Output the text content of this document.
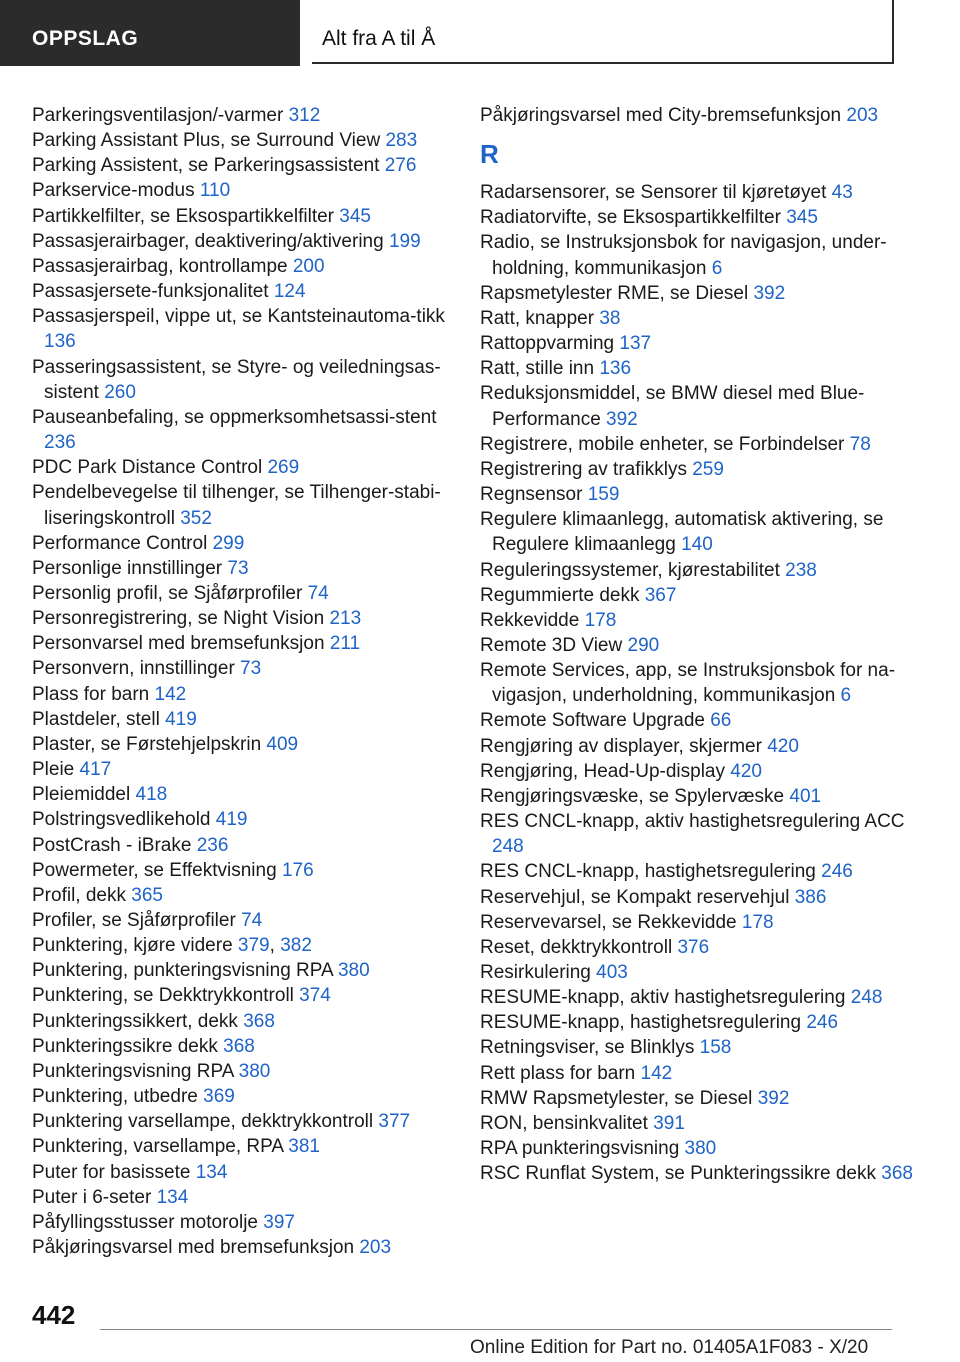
OPPSLAG	Alt fra A til Å
Parkeringsventilasjon/-varmer 312
Parking Assistant Plus, se Surround View 283
Parking Assistent, se Parkeringsassistent 276
Parkservice-modus 110
Partikkelfilter, se Eksospartikkelfilter 345
Passasjerairbager, deaktivering/aktivering 199
Passasjerairbag, kontrollampe 200
Passasjersete-funksjonalitet 124
Passasjerspeil, vippe ut, se Kantsteinautoma-tikk 136
Passeringsassistent, se Styre- og veiledningsas-sistent 260
Pauseanbefaling, se oppmerksomhetsassi-stent 236
PDC Park Distance Control 269
Pendelbevegelse til tilhenger, se Tilhenger-stabi-liseringskontroll 352
Performance Control 299
Personlige innstillinger 73
Personlig profil, se Sjåførprofiler 74
Personregistrering, se Night Vision 213
Personvarsel med bremsefunksjon 211
Personvern, innstillinger 73
Plass for barn 142
Plastdeler, stell 419
Plaster, se Førstehjelpskrin 409
Pleie 417
Pleiemiddel 418
Polstringsvedlikehold 419
PostCrash - iBrake 236
Powermeter, se Effektvisning 176
Profil, dekk 365
Profiler, se Sjåførprofiler 74
Punktering, kjøre videre 379, 382
Punktering, punkteringsvisning RPA 380
Punktering, se Dekktrykkontroll 374
Punkteringssikkert, dekk 368
Punkteringssikre dekk 368
Punkteringsvisning RPA 380
Punktering, utbedre 369
Punktering varsellampe, dekktrykkontroll 377
Punktering, varsellampe, RPA 381
Puter for basissete 134
Puter i 6-seter 134
Påfyllingsstusser motorolje 397
Påkjøringsvarsel med bremsefunksjon 203
Påkjøringsvarsel med City-bremsefunksjon 203
R
Radarsensorer, se Sensorer til kjøretøyet 43
Radiatorvifte, se Eksospartikkelfilter 345
Radio, se Instruksjonsbok for navigasjon, under-holdning, kommunikasjon 6
Rapsmetylester RME, se Diesel 392
Ratt, knapper 38
Rattoppvarming 137
Ratt, stille inn 136
Reduksjonsmiddel, se BMW diesel med Blue-Performance 392
Registrere, mobile enheter, se Forbindelser 78
Registrering av trafikklys 259
Regnsensor 159
Regulere klimaanlegg, automatisk aktivering, se Regulere klimaanlegg 140
Reguleringssystemer, kjørestabilitet 238
Regummierte dekk 367
Rekkevidde 178
Remote 3D View 290
Remote Services, app, se Instruksjonsbok for na-vigasjon, underholdning, kommunikasjon 6
Remote Software Upgrade 66
Rengjøring av displayer, skjermer 420
Rengjøring, Head-Up-display 420
Rengjøringsvæske, se Spylervæske 401
RES CNCL-knapp, aktiv hastighetsregulering ACC 248
RES CNCL-knapp, hastighetsregulering 246
Reservehjul, se Kompakt reservehjul 386
Reservevarsel, se Rekkevidde 178
Reset, dekktrykkontroll 376
Resirkulering 403
RESUME-knapp, aktiv hastighetsregulering 248
RESUME-knapp, hastighetsregulering 246
Retningsviser, se Blinklys 158
Rett plass for barn 142
RMW Rapsmetylester, se Diesel 392
RON, bensinkvalitet 391
RPA punkteringsvisning 380
RSC Runflat System, se Punkteringssikre dekk 368
442
Online Edition for Part no. 01405A1F083 - X/20
